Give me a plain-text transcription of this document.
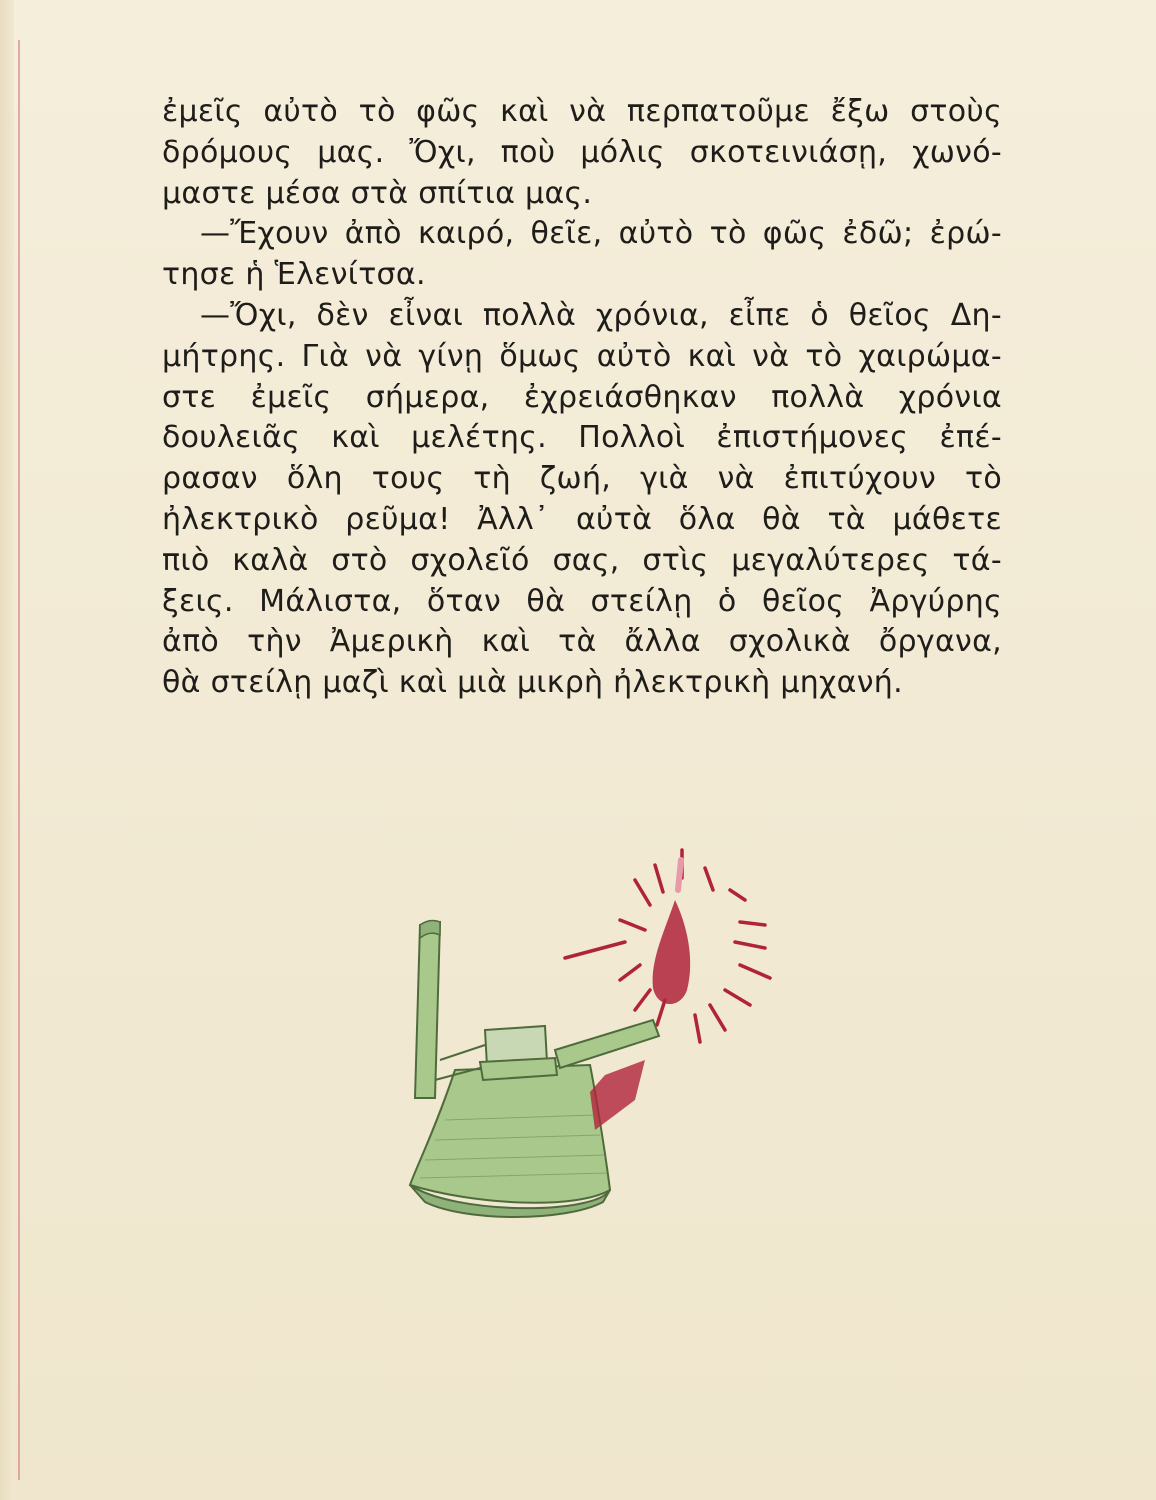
ἐμεῖς αὐτὸ τὸ φῶς καὶ νὰ περπατοῦμε ἔξω στοὺς
δρόμους μας. Ὄχι, ποὺ μόλις σκοτεινιάσῃ, χωνό-
μαστε μέσα στὰ σπίτια μας.
—Ἔχουν ἀπὸ καιρό, θεῖε, αὐτὸ τὸ φῶς ἐδῶ; ἐρώ-
τησε ἡ Ἑλενίτσα.
—Ὄχι, δὲν εἶναι πολλὰ χρόνια, εἶπε ὁ θεῖος Δη-
μήτρης. Γιὰ νὰ γίνῃ ὅμως αὐτὸ καὶ νὰ τὸ χαιρώμα-
στε ἐμεῖς σήμερα, ἐχρειάσθηκαν πολλὰ χρόνια
δουλειᾶς καὶ μελέτης. Πολλοὶ ἐπιστήμονες ἐπέ-
ρασαν ὅλη τους τὴ ζωή, γιὰ νὰ ἐπιτύχουν τὸ
ἠλεκτρικὸ ρεῦμα! Ἀλλ᾽ αὐτὰ ὅλα θὰ τὰ μάθετε
πιὸ καλὰ στὸ σχολεῖό σας, στὶς μεγαλύτερες τά-
ξεις. Μάλιστα, ὅταν θὰ στείλῃ ὁ θεῖος Ἀργύρης
ἀπὸ τὴν Ἀμερικὴ καὶ τὰ ἄλλα σχολικὰ ὄργανα,
θὰ στείλῃ μαζὶ καὶ μιὰ μικρὴ ἠλεκτρικὴ μηχανή.
